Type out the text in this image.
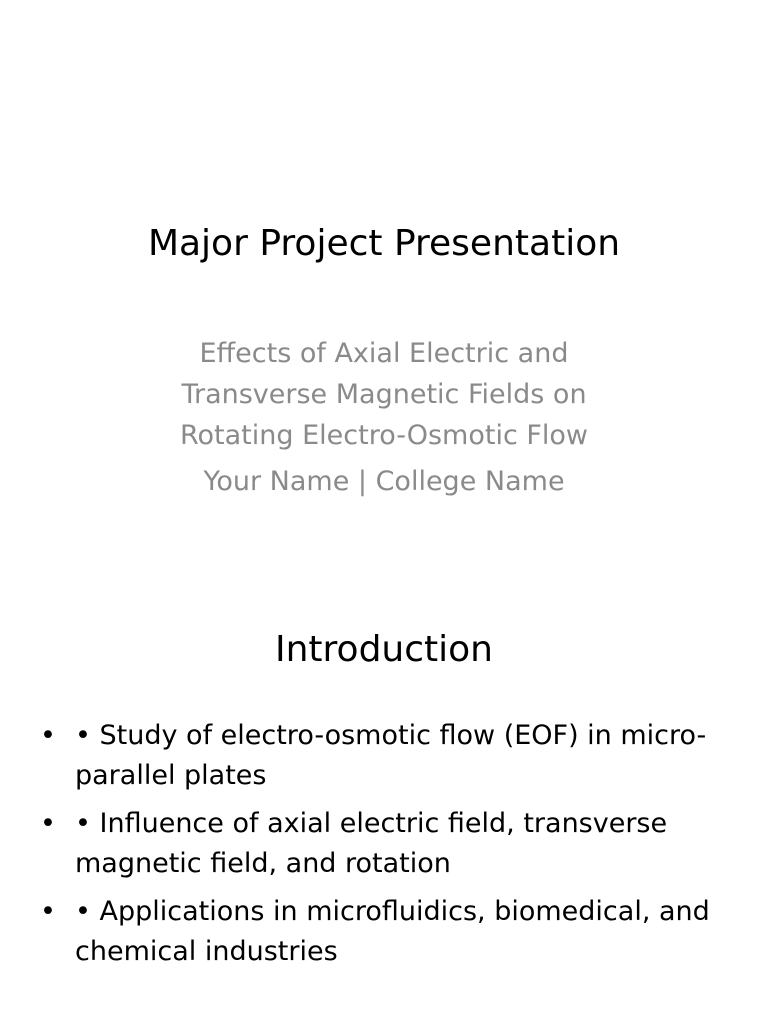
Major Project Presentation
Effects of Axial Electric and
Transverse Magnetic Fields on
Rotating Electro-Osmotic Flow
Your Name | College Name
Introduction
• • Study of electro-osmotic flow (EOF) in micro-parallel plates
• • Influence of axial electric field, transverse magnetic field, and rotation
• • Applications in microfluidics, biomedical, and chemical industries
